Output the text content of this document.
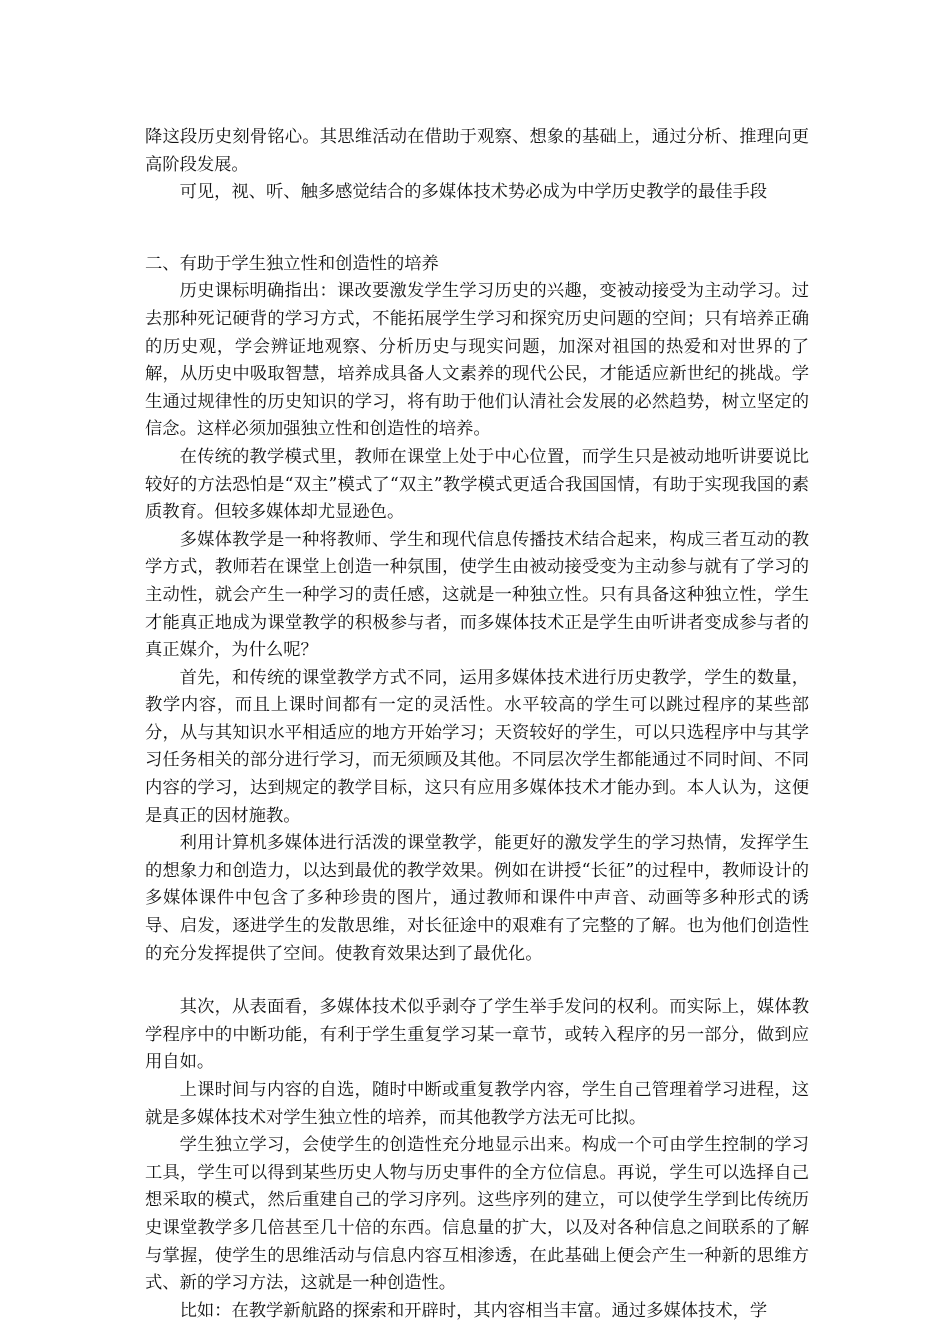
降这段历史刻骨铭心。其思维活动在借助于观察、想象的基础上，通过分析、推理向更高阶段发展。

可见，视、听、触多感觉结合的多媒体技术势必成为中学历史教学的最佳手段

二、有助于学生独立性和创造性的培养

历史课标明确指出：课改要激发学生学习历史的兴趣，变被动接受为主动学习。过去那种死记硬背的学习方式，不能拓展学生学习和探究历史问题的空间；只有培养正确的历史观，学会辨证地观察、分析历史与现实问题，加深对祖国的热爱和对世界的了解，从历史中吸取智慧，培养成具备人文素养的现代公民，才能适应新世纪的挑战。学生通过规律性的历史知识的学习，将有助于他们认清社会发展的必然趋势，树立坚定的信念。这样必须加强独立性和创造性的培养。

在传统的教学模式里，教师在课堂上处于中心位置，而学生只是被动地听讲要说比较好的方法恐怕是“双主”模式了“双主”教学模式更适合我国国情，有助于实现我国的素质教育。但较多媒体却尤显逊色。

多媒体教学是一种将教师、学生和现代信息传播技术结合起来，构成三者互动的教学方式，教师若在课堂上创造一种氛围，使学生由被动接受变为主动参与就有了学习的主动性，就会产生一种学习的责任感，这就是一种独立性。只有具备这种独立性，学生才能真正地成为课堂教学的积极参与者，而多媒体技术正是学生由听讲者变成参与者的真正媒介，为什么呢？

首先，和传统的课堂教学方式不同，运用多媒体技术进行历史教学，学生的数量，教学内容，而且上课时间都有一定的灵活性。水平较高的学生可以跳过程序的某些部分，从与其知识水平相适应的地方开始学习；天资较好的学生，可以只选程序中与其学习任务相关的部分进行学习，而无须顾及其他。不同层次学生都能通过不同时间、不同内容的学习，达到规定的教学目标，这只有应用多媒体技术才能办到。本人认为，这便是真正的因材施教。

利用计算机多媒体进行活泼的课堂教学，能更好的激发学生的学习热情，发挥学生的想象力和创造力，以达到最优的教学效果。例如在讲授“长征”的过程中，教师设计的多媒体课件中包含了多种珍贵的图片，通过教师和课件中声音、动画等多种形式的诱导、启发，逐进学生的发散思维，对长征途中的艰难有了完整的了解。也为他们创造性的充分发挥提供了空间。使教育效果达到了最优化。

其次，从表面看，多媒体技术似乎剥夺了学生举手发问的权利。而实际上，媒体教学程序中的中断功能，有利于学生重复学习某一章节，或转入程序的另一部分，做到应用自如。

上课时间与内容的自选，随时中断或重复教学内容，学生自己管理着学习进程，这就是多媒体技术对学生独立性的培养，而其他教学方法无可比拟。

学生独立学习，会使学生的创造性充分地显示出来。构成一个可由学生控制的学习工具，学生可以得到某些历史人物与历史事件的全方位信息。再说，学生可以选择自己想采取的模式，然后重建自己的学习序列。这些序列的建立，可以使学生学到比传统历史课堂教学多几倍甚至几十倍的东西。信息量的扩大，以及对各种信息之间联系的了解与掌握，使学生的思维活动与信息内容互相渗透，在此基础上便会产生一种新的思维方式、新的学习方法，这就是一种创造性。

比如：在教学新航路的探索和开辟时，其内容相当丰富。通过多媒体技术，学
